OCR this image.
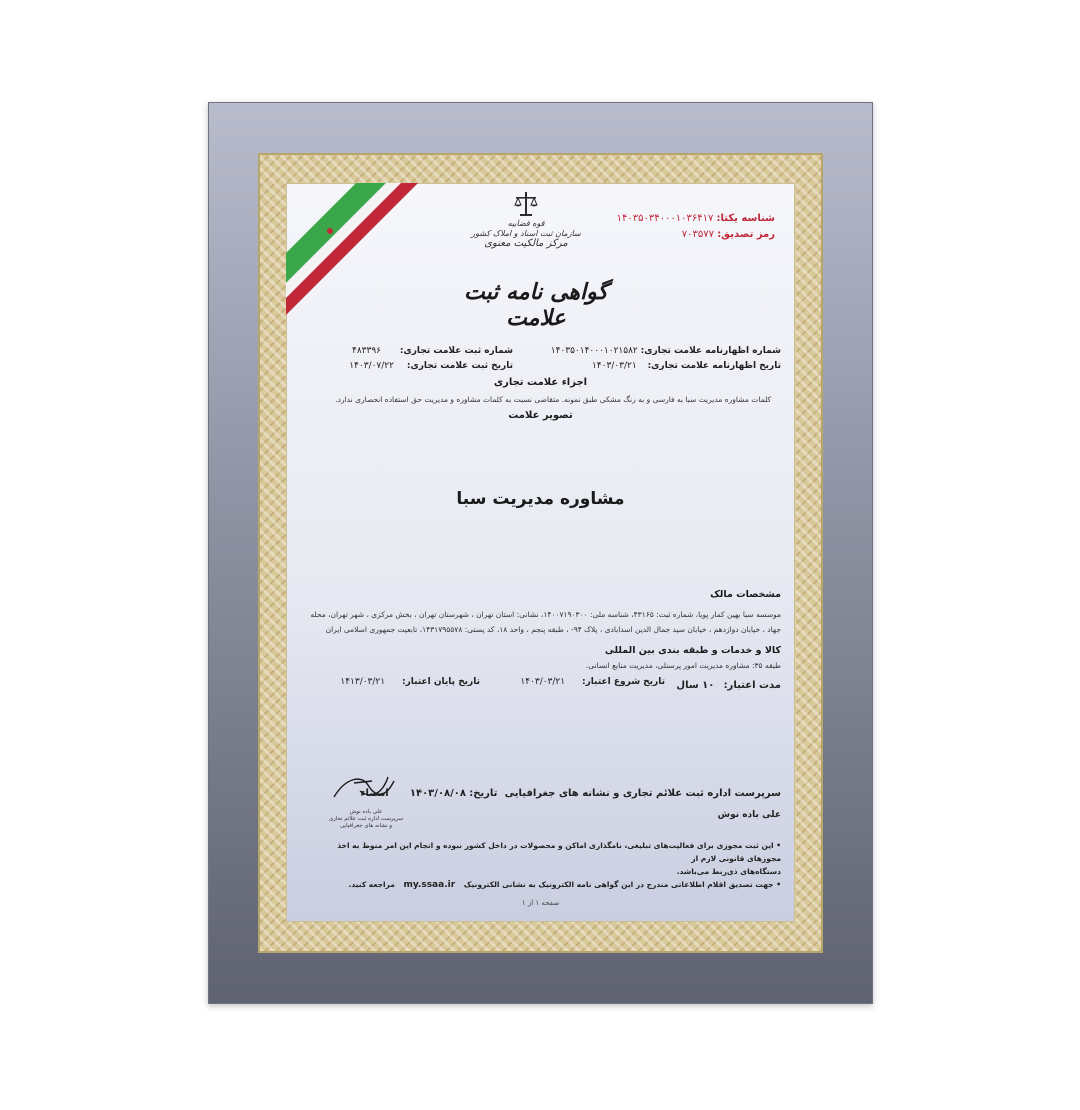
قوه قضاییه
سازمان ثبت اسناد و املاک کشور
مرکز مالکیت معنوی
گواهی نامه ثبت علامت
شناسه یکتا: ۱۴۰۳۵۰۳۴۰۰۰۱۰۳۶۴۱۷
رمز تصدیق: ۷۰۳۵۷۷
شماره اظهارنامه علامت تجاری: ۱۴۰۳۵۰۱۴۰۰۰۱۰۲۱۵۸۲
شماره ثبت علامت تجاری: ۴۸۳۳۹۶
تاریخ اظهارنامه علامت تجاری: ۱۴۰۳/۰۳/۲۱
تاریخ ثبت علامت تجاری: ۱۴۰۳/۰۷/۲۲
اجزاء علامت تجاری
کلمات مشاوره مدیریت سبا به فارسی و به رنگ مشکی طبق نمونه. متقاضی نسبت به کلمات مشاوره و مدیریت حق استفاده انحصاری ندارد.
تصویر علامت
مشاوره مدیریت سبا
مشخصات مالک
موسسه سبا بهین کمار پویا، شماره ثبت: ۴۳۱۶۵، شناسه ملی: ۱۴۰۰۷۱۹۰۳۰۰، نشانی: استان تهران ، شهرستان تهران ، بخش مرکزی ، شهر تهران، محله
جهاد ، خیابان دوازدهم ، خیابان سید جمال الدین اسدابادی ، پلاک ۹۴- ، طبقه پنجم ، واحد ۱۸، کد پستی: ۱۴۳۱۷۹۵۵۷۸، تابعیت جمهوری اسلامی ایران
کالا و خدمات و طبقه بندی بین المللی
طبقه ۳۵: مشاوره مدیریت امور پرسنلی، مدیریت منابع انسانی.
مدت اعتبار: ۱۰ سال
تاریخ شروع اعتبار: ۱۴۰۳/۰۳/۲۱
تاریخ پایان اعتبار: ۱۴۱۳/۰۳/۲۱
سرپرست اداره ثبت علائم تجاری و نشانه های جغرافیایی تاریخ: ۱۴۰۳/۰۸/۰۸ امضاء
علی باده نوش
علی باده نوش
سرپرست اداره ثبت علائم تجاری
و نشانه های جغرافیایی
• این ثبت مجوزی برای فعالیت‌های تبلیغی، نامگذاری اماکن و محصولات در داخل کشور نبوده و انجام این امر منوط به اخذ مجوزهای قانونی لازم از
دستگاه‌های ذی‌ربط می‌باشد.
• جهت تصدیق اقلام اطلاعاتی مندرج در این گواهی نامه الکترونیک به نشانی الکترونیک my.ssaa.ir مراجعه کنید.
صفحه ۱ از ۱
